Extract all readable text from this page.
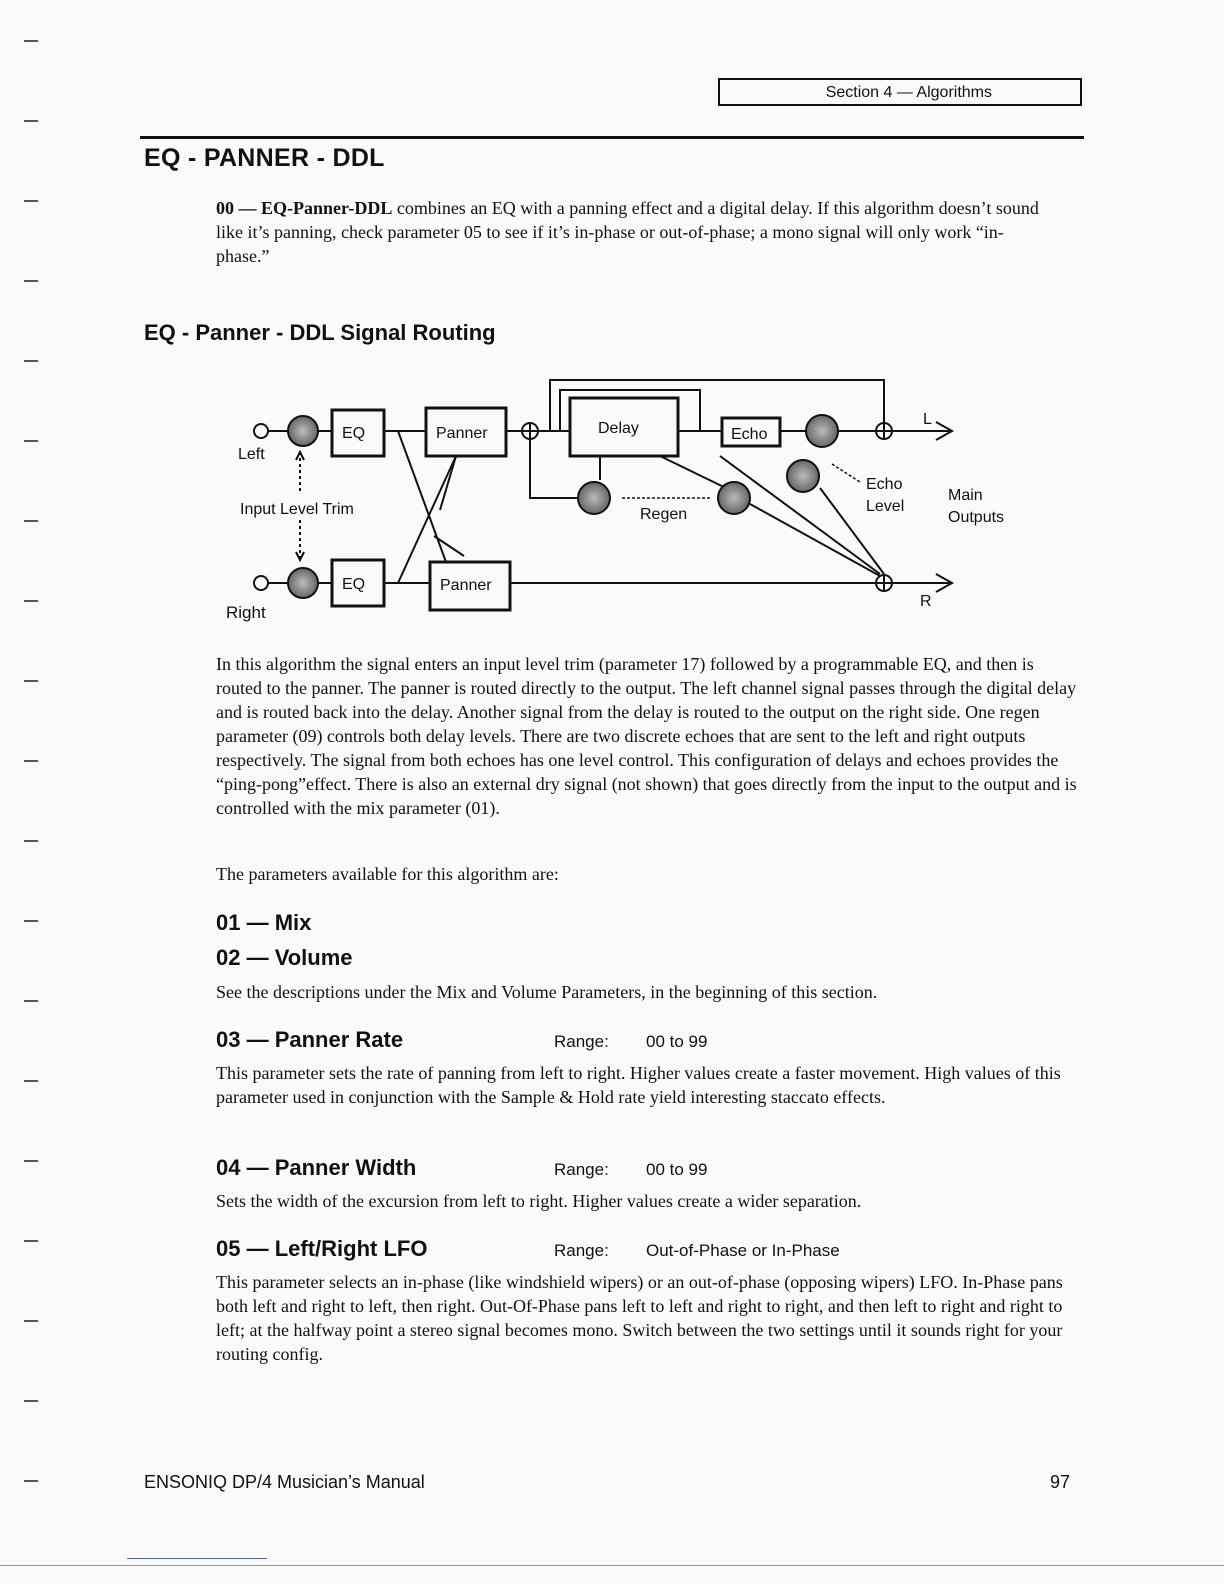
Section 4 — Algorithms
EQ - PANNER - DDL

00 — EQ-Panner-DDL combines an EQ with a panning effect and a digital delay. If this algorithm doesn’t sound like it’s panning, check parameter 05 to see if it’s in-phase or out-of-phase; a mono signal will only work “in-phase.”

EQ - Panner - DDL Signal Routing
EQ	Panner	Delay	Echo
EQ	Panner
Left
Right
Input Level Trim	Regen
Echo
Level
Main
Outputs
L
R

In this algorithm the signal enters an input level trim (parameter 17) followed by a programmable EQ, and then is routed to the panner. The panner is routed directly to the output. The left channel signal passes through the digital delay and is routed back into the delay. Another signal from the delay is routed to the output on the right side. One regen parameter (09) controls both delay levels. There are two discrete echoes that are sent to the left and right outputs respectively. The signal from both echoes has one level control. This configuration of delays and echoes provides the “ping-pong”effect. There is also an external dry signal (not shown) that goes directly from the input to the output and is controlled with the mix parameter (01).

The parameters available for this algorithm are:

01 — Mix
02 — Volume

See the descriptions under the Mix and Volume Parameters, in the beginning of this section.

03 — Panner Rate	Range: 00 to 99

This parameter sets the rate of panning from left to right. Higher values create a faster movement. High values of this parameter used in conjunction with the Sample & Hold rate yield interesting staccato effects.

04 — Panner Width	Range: 00 to 99

Sets the width of the excursion from left to right. Higher values create a wider separation.

05 — Left/Right LFO	Range: Out-of-Phase or In-Phase

This parameter selects an in-phase (like windshield wipers) or an out-of-phase (opposing wipers) LFO. In-Phase pans both left and right to left, then right. Out-Of-Phase pans left to left and right to right, and then left to right and right to left; at the halfway point a stereo signal becomes mono. Switch between the two settings until it sounds right for your routing config.

ENSONIQ DP/4 Musician’s Manual	97
